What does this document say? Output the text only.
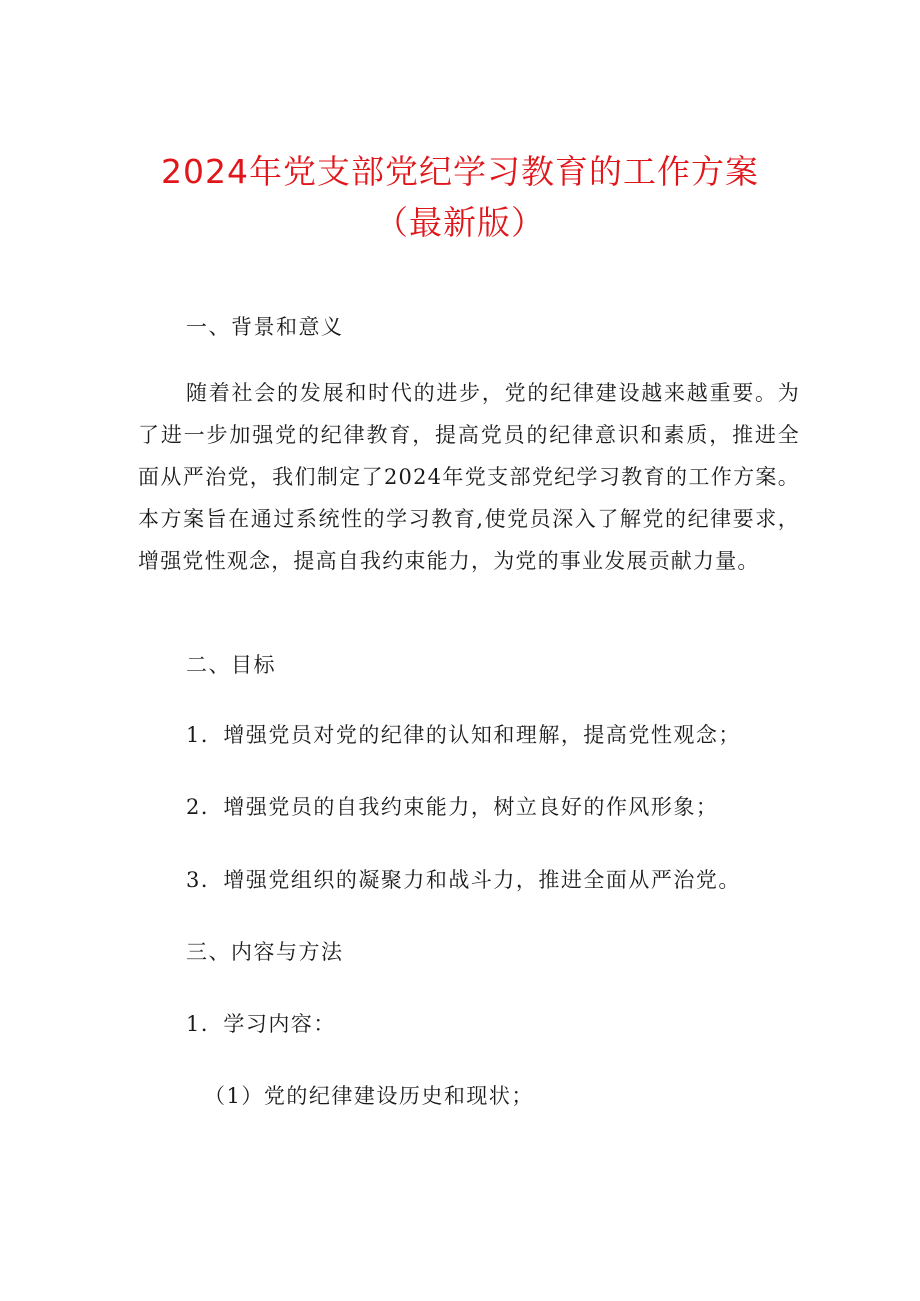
2024年党支部党纪学习教育的工作方案
（最新版）
一、背景和意义
随着社会的发展和时代的进步，党的纪律建设越来越重要。为了进一步加强党的纪律教育，提高党员的纪律意识和素质，推进全面从严治党，我们制定了2024年党支部党纪学习教育的工作方案。本方案旨在通过系统性的学习教育,使党员深入了解党的纪律要求，增强党性观念，提高自我约束能力，为党的事业发展贡献力量。
二、目标
1．增强党员对党的纪律的认知和理解，提高党性观念；
2．增强党员的自我约束能力，树立良好的作风形象；
3．增强党组织的凝聚力和战斗力，推进全面从严治党。
三、内容与方法
1．学习内容：
（1）党的纪律建设历史和现状；
